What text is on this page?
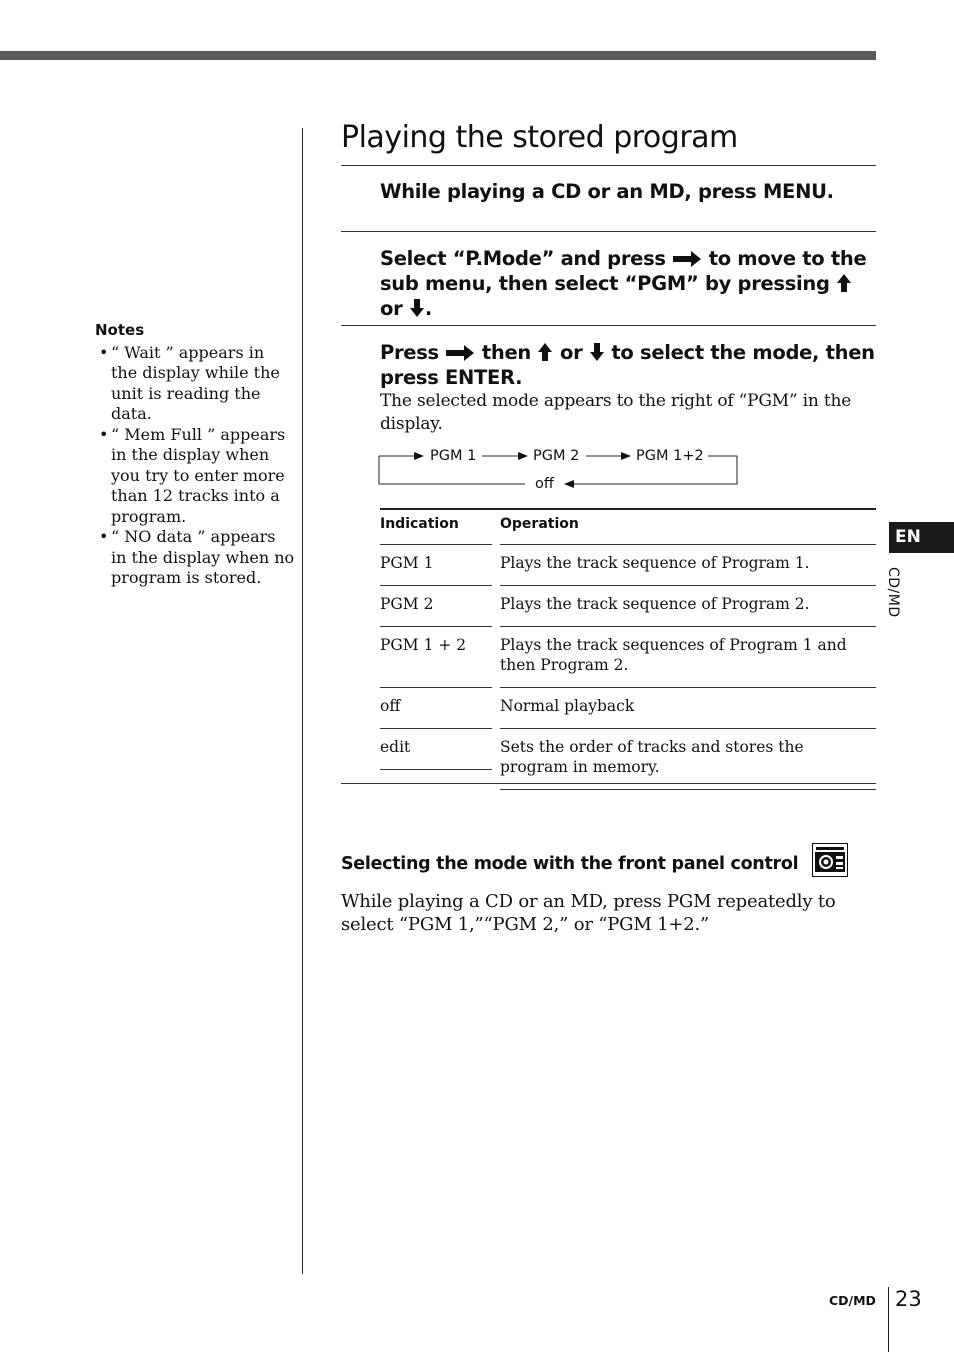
Playing the stored program
While playing a CD or an MD, press MENU.
Select “P.Mode” and press to move to the sub menu, then select “PGM” by pressing  or .
Press then or to select the mode, then press ENTER.
The selected mode appears to the right of “PGM” in the display.
PGM 1	PGM 2	PGM 1+2
off
Indication	Operation

PGM 1	Plays the track sequence of Program 1.

PGM 2	Plays the track sequence of Program 2.

PGM 1 + 2	Plays the track sequences of Program 1 and then Program 2.

off	Normal playback

edit	Sets the order of tracks and stores the program in memory.
Notes
• “ Wait ” appears in the display while the unit is reading the data.
• “ Mem Full ” appears in the display when you try to enter more than 12 tracks into a program.
• “ NO data ” appears in the display when no program is stored.
Selecting the mode with the front panel control
While playing a CD or an MD, press PGM repeatedly to select “PGM 1,”“PGM 2,” or “PGM 1+2.”
EN
CD/MD
CD/MD 23
